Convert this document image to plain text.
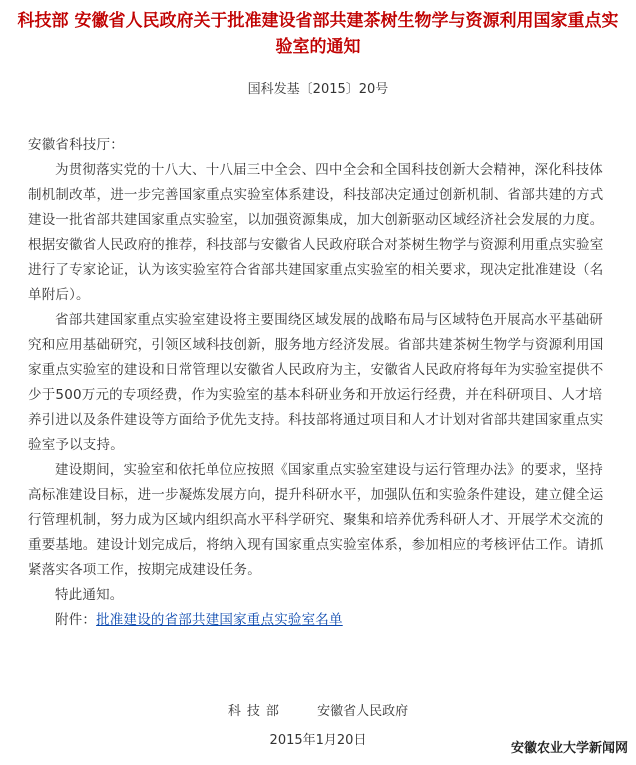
科技部 安徽省人民政府关于批准建设省部共建茶树生物学与资源利用国家重点实验室的通知
国科发基〔2015〕20号

安徽省科技厅：

为贯彻落实党的十八大、十八届三中全会、四中全会和全国科技创新大会精神，深化科技体制机制改革，进一步完善国家重点实验室体系建设，科技部决定通过创新机制、省部共建的方式建设一批省部共建国家重点实验室，以加强资源集成，加大创新驱动区域经济社会发展的力度。根据安徽省人民政府的推荐，科技部与安徽省人民政府联合对茶树生物学与资源利用重点实验室进行了专家论证，认为该实验室符合省部共建国家重点实验室的相关要求，现决定批准建设（名单附后）。

省部共建国家重点实验室建设将主要围绕区域发展的战略布局与区域特色开展高水平基础研究和应用基础研究，引领区域科技创新，服务地方经济发展。省部共建茶树生物学与资源利用国家重点实验室的建设和日常管理以安徽省人民政府为主，安徽省人民政府将每年为实验室提供不少于500万元的专项经费，作为实验室的基本科研业务和开放运行经费，并在科研项目、人才培养引进以及条件建设等方面给予优先支持。科技部将通过项目和人才计划对省部共建国家重点实验室予以支持。

建设期间，实验室和依托单位应按照《国家重点实验室建设与运行管理办法》的要求，坚持高标准建设目标，进一步凝炼发展方向，提升科研水平，加强队伍和实验条件建设，建立健全运行管理机制，努力成为区域内组织高水平科学研究、聚集和培养优秀科研人才、开展学术交流的重要基地。建设计划完成后，将纳入现有国家重点实验室体系，参加相应的考核评估工作。请抓紧落实各项工作，按期完成建设任务。

特此通知。

附件：批准建设的省部共建国家重点实验室名单

科技部 安徽省人民政府
2015年1月20日
安徽农业大学新闻网
